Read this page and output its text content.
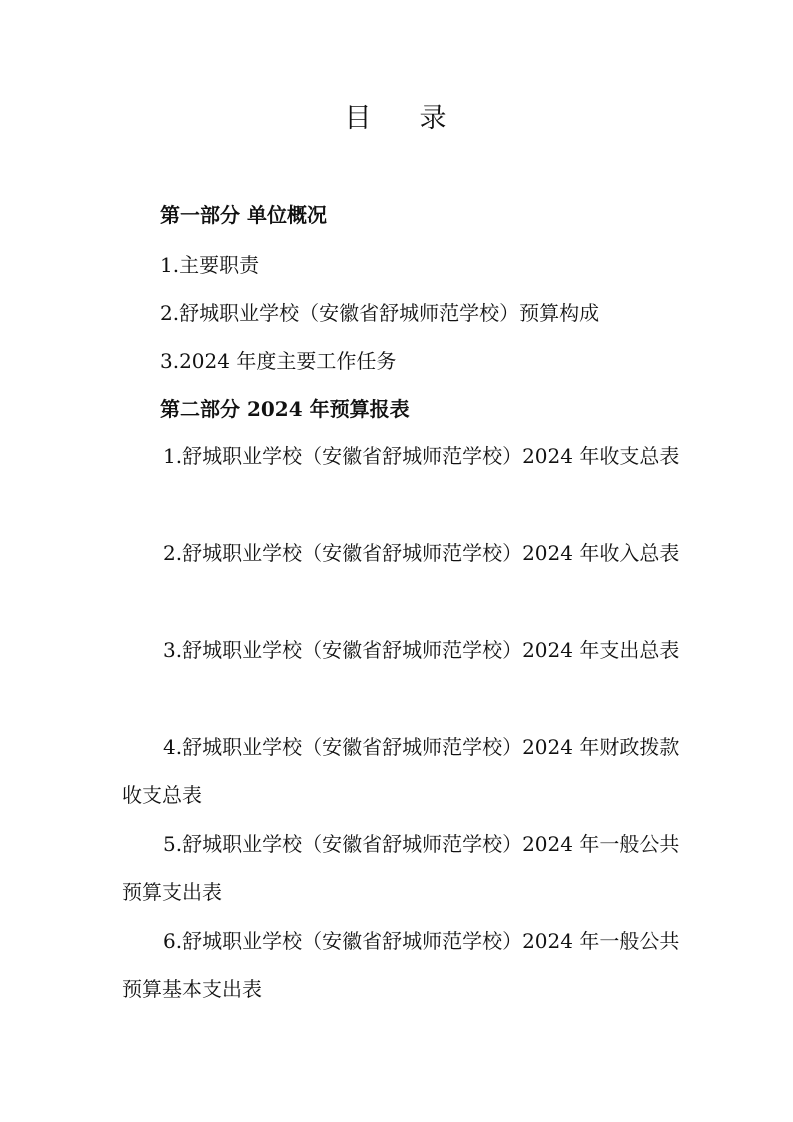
目 录
第一部分 单位概况
1.主要职责
2.舒城职业学校（安徽省舒城师范学校）预算构成
3.2024 年度主要工作任务
第二部分 2024 年预算报表
1.舒城职业学校（安徽省舒城师范学校）2024 年收支总表
2.舒城职业学校（安徽省舒城师范学校）2024 年收入总表
3.舒城职业学校（安徽省舒城师范学校）2024 年支出总表
4.舒城职业学校（安徽省舒城师范学校）2024 年财政拨款收支总表
5.舒城职业学校（安徽省舒城师范学校）2024 年一般公共预算支出表
6.舒城职业学校（安徽省舒城师范学校）2024 年一般公共预算基本支出表
